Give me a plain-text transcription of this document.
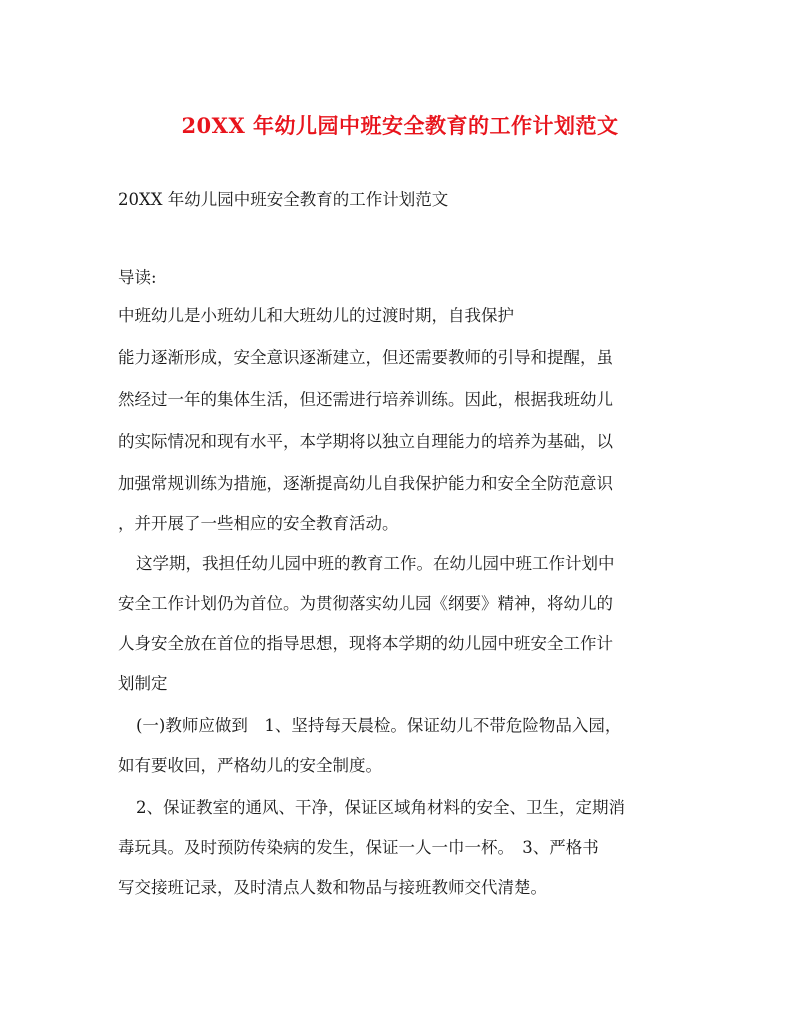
20XX 年幼儿园中班安全教育的工作计划范文
20XX 年幼儿园中班安全教育的工作计划范文
导读:
中班幼儿是小班幼儿和大班幼儿的过渡时期，自我保护
能力逐渐形成，安全意识逐渐建立，但还需要教师的引导和提醒，虽
然经过一年的集体生活，但还需进行培养训练。因此，根据我班幼儿
的实际情况和现有水平，本学期将以独立自理能力的培养为基础，以
加强常规训练为措施，逐渐提高幼儿自我保护能力和安全全防范意识
，并开展了一些相应的安全教育活动。
这学期，我担任幼儿园中班的教育工作。在幼儿园中班工作计划中
安全工作计划仍为首位。为贯彻落实幼儿园《纲要》精神，将幼儿的
人身安全放在首位的指导思想，现将本学期的幼儿园中班安全工作计
划制定
(一)教师应做到　1、坚持每天晨检。保证幼儿不带危险物品入园，
如有要收回，严格幼儿的安全制度。
2、保证教室的通风、干净，保证区域角材料的安全、卫生，定期消
毒玩具。及时预防传染病的发生，保证一人一巾一杯。　3、严格书
写交接班记录，及时清点人数和物品与接班教师交代清楚。
